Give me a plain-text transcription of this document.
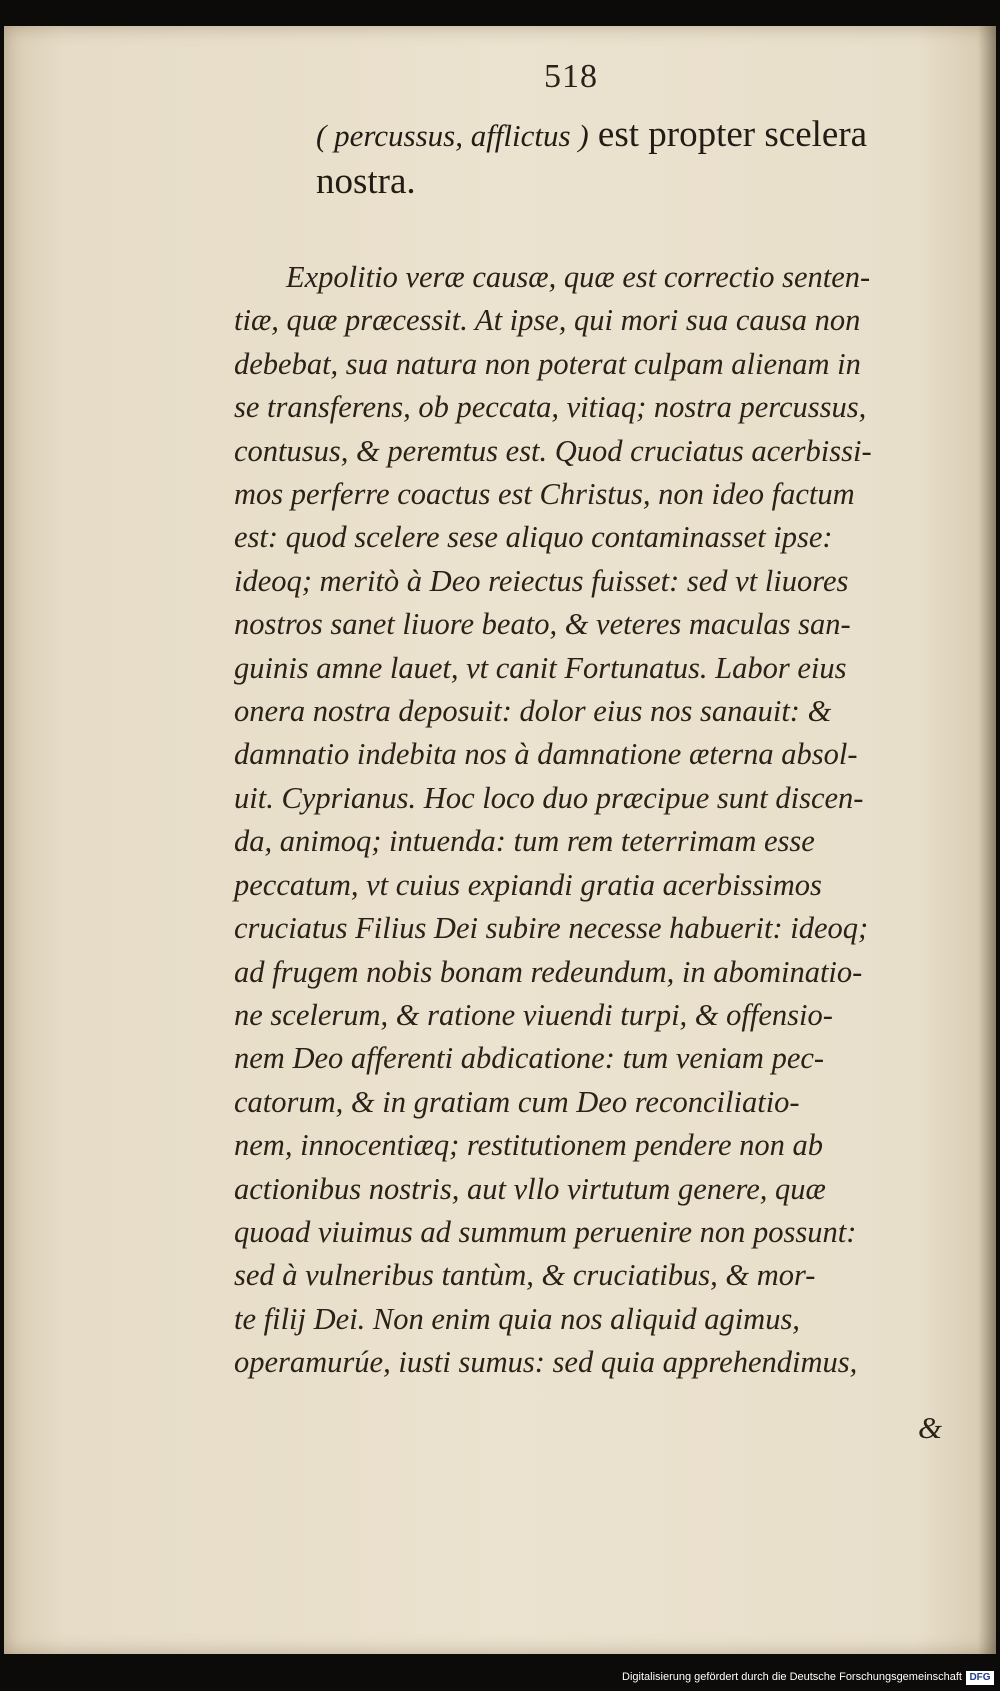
518
( percussus, afflictus ) est propter scelera
nostra.
Expolitio veræ causæ, quæ est correctio senten-
tiæ, quæ præcessit. At ipse, qui mori sua causa non
debebat, sua natura non poterat culpam alienam in
se transferens, ob peccata, vitiaq; nostra percussus,
contusus, & peremtus est. Quod cruciatus acerbissi-
mos perferre coactus est Christus, non ideo factum
est: quod scelere sese aliquo contaminasset ipse:
ideoq; meritò à Deo reiectus fuisset: sed vt liuores
nostros sanet liuore beato, & veteres maculas san-
guinis amne lauet, vt canit Fortunatus. Labor eius
onera nostra deposuit: dolor eius nos sanauit: &
damnatio indebita nos à damnatione æterna absol-
uit. Cyprianus. Hoc loco duo præcipue sunt discen-
da, animoq; intuenda: tum rem teterrimam esse
peccatum, vt cuius expiandi gratia acerbissimos
cruciatus Filius Dei subire necesse habuerit: ideoq;
ad frugem nobis bonam redeundum, in abominatio-
ne scelerum, & ratione viuendi turpi, & offensio-
nem Deo afferenti abdicatione: tum veniam pec-
catorum, & in gratiam cum Deo reconciliatio-
nem, innocentiæq; restitutionem pendere non ab
actionibus nostris, aut vllo virtutum genere, quæ
quoad viuimus ad summum peruenire non possunt:
sed à vulneribus tantùm, & cruciatibus, & mor-
te filij Dei. Non enim quia nos aliquid agimus,
operamurúe, iusti sumus: sed quia apprehendimus,
&
Digitalisierung gefördert durch die Deutsche Forschungsgemeinschaft DFG
